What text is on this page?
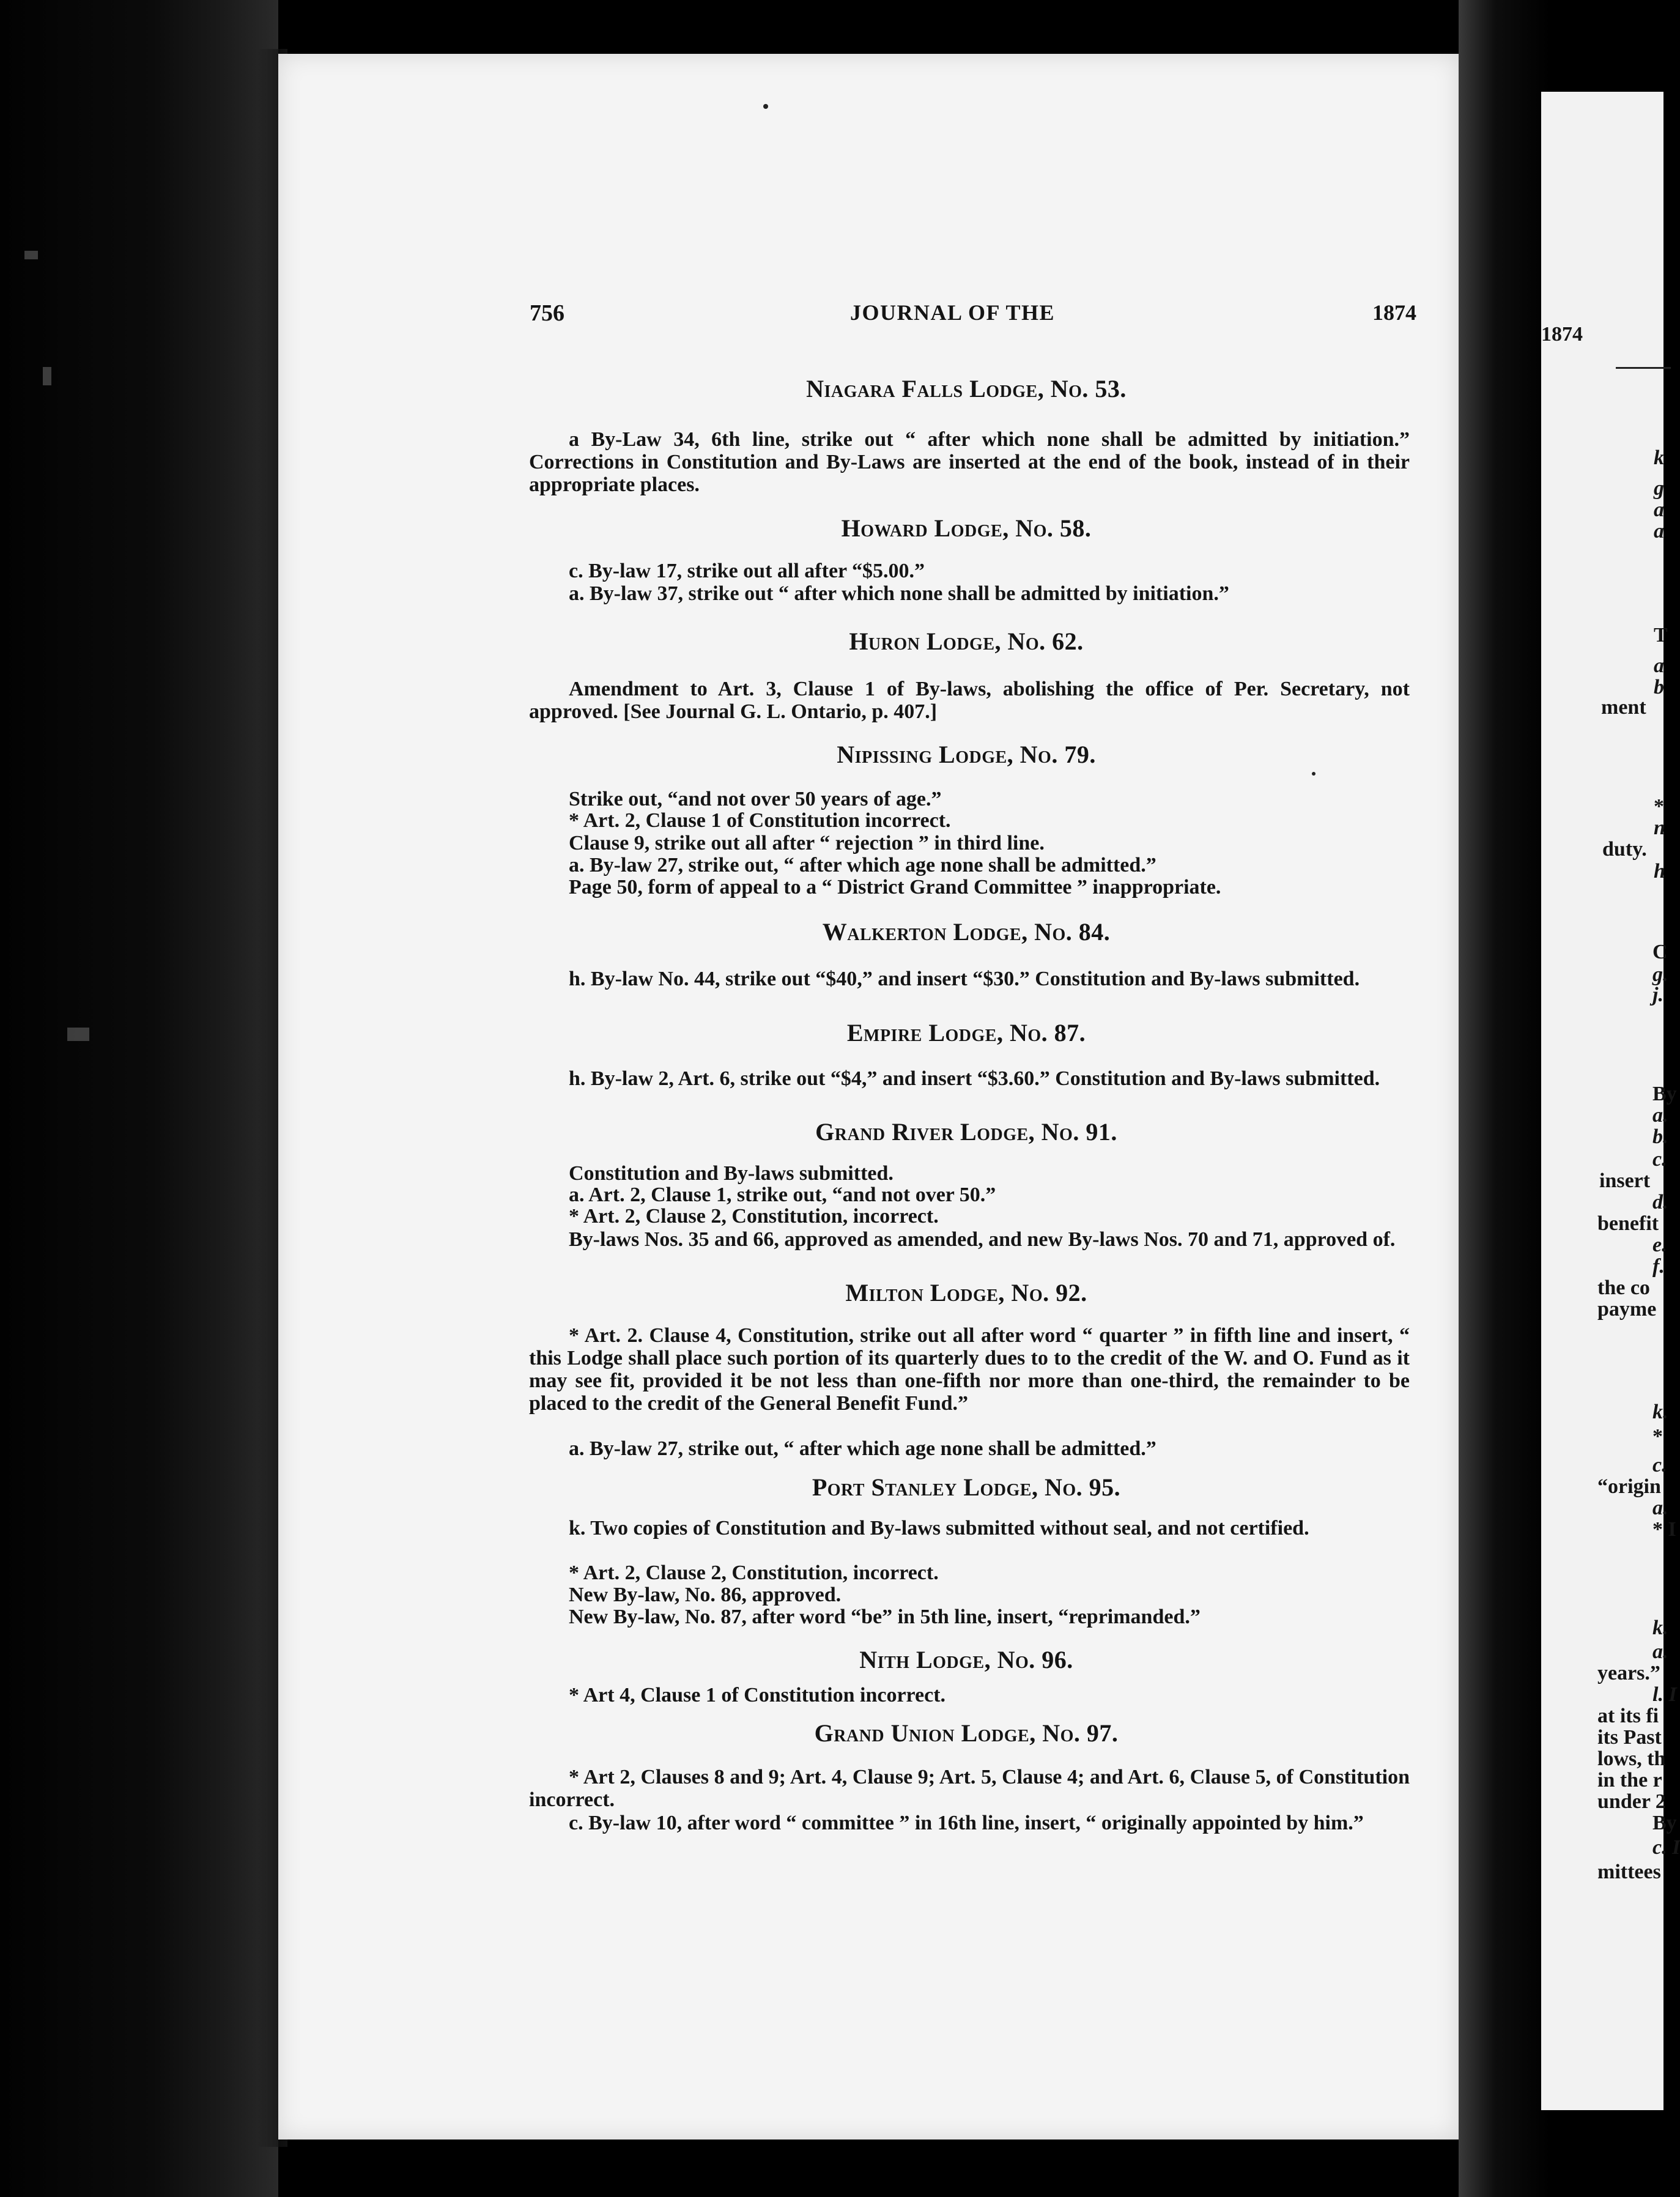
1874
k
g
a
a
T
a
b
ment
*
n
duty.
h
C
g.
j.
By
a.
b.
c.
insert
d.
benefit
e.
f.
the co
payme
k.
*
c.
“origin
a.
* I
k.
a.
years.”
l. I
at its fi
its Past
lows, th
in the r
under 2
By
c. I
mittees
756	JOURNAL OF THE	1874
Niagara Falls Lodge, No. 53.

a By-Law 34, 6th line, strike out “ after which none shall be admitted by initiation.” Corrections in Constitution and By-Laws are inserted at the end of the book, instead of in their appropriate places.

Howard Lodge, No. 58.

c. By-law 17, strike out all after “$5.00.”

a. By-law 37, strike out “ after which none shall be admitted by initiation.”

Huron Lodge, No. 62.

Amendment to Art. 3, Clause 1 of By-laws, abolishing the office of Per. Secretary, not approved. [See Journal G. L. Ontario, p. 407.]

Nipissing Lodge, No. 79.

Strike out, “and not over 50 years of age.”

* Art. 2, Clause 1 of Constitution incorrect.

Clause 9, strike out all after “ rejection ” in third line.

a. By-law 27, strike out, “ after which age none shall be admitted.”

Page 50, form of appeal to a “ District Grand Committee ” inappropriate.

Walkerton Lodge, No. 84.

h. By-law No. 44, strike out “$40,” and insert “$30.” Constitution and By-laws submitted.

Empire Lodge, No. 87.

h. By-law 2, Art. 6, strike out “$4,” and insert “$3.60.” Constitution and By-laws submitted.

Grand River Lodge, No. 91.

Constitution and By-laws submitted.

a. Art. 2, Clause 1, strike out, “and not over 50.”

* Art. 2, Clause 2, Constitution, incorrect.

By-laws Nos. 35 and 66, approved as amended, and new By-laws Nos. 70 and 71, approved of.

Milton Lodge, No. 92.

* Art. 2. Clause 4, Constitution, strike out all after word “ quarter ” in fifth line and insert, “ this Lodge shall place such portion of its quarterly dues to to the credit of the W. and O. Fund as it may see fit, provided it be not less than one-fifth nor more than one-third, the remainder to be placed to the credit of the General Benefit Fund.”

a. By-law 27, strike out, “ after which age none shall be admitted.”

Port Stanley Lodge, No. 95.

k. Two copies of Constitution and By-laws submitted without seal, and not certified.

* Art. 2, Clause 2, Constitution, incorrect.

New By-law, No. 86, approved.

New By-law, No. 87, after word “be” in 5th line, insert, “reprimanded.”

Nith Lodge, No. 96.

* Art 4, Clause 1 of Constitution incorrect.

Grand Union Lodge, No. 97.

* Art 2, Clauses 8 and 9; Art. 4, Clause 9; Art. 5, Clause 4; and Art. 6, Clause 5, of Constitution incorrect.

c. By-law 10, after word “ committee ” in 16th line, insert, “ originally appointed by him.”
